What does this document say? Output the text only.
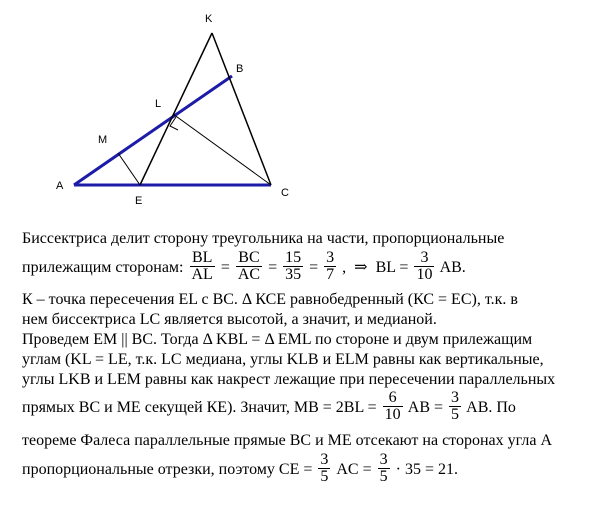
K
B
L
M
A
E
C
Биссектриса делит сторону треугольника на части, пропорциональные
прилежащим сторонам: $\frac{BL}{AL} = \frac{BC}{AC} = \frac{15}{35} = \frac{3}{7}$ ,  ⇒  BL = $\frac{3}{10}$ AB.
К – точка пересечения EL с ВС. Δ КСЕ равнобедренный (КС = ЕС), т.к. в
нем биссектриса LC является высотой, а значит, и медианой.
Проведем ЕМ || ВС. Тогда Δ KBL = Δ EML по стороне и двум прилежащим
углам (KL = LE, т.к. LC медиана, углы KLB и ELM равны как вертикальные,
углы LKB и LEM равны как накрест лежащие при пересечении параллельных
прямых ВС и МЕ секущей КЕ). Значит, МВ = $2BL = \frac{6}{10}$ AB = $\frac{3}{5}$ AB. По
теореме Фалеса параллельные прямые ВС и МЕ отсекают на сторонах угла А
пропорциональные отрезки, поэтому СЕ = $\frac{3}{5}$ AC = $\frac{3}{5} \cdot 35 = 21$.
